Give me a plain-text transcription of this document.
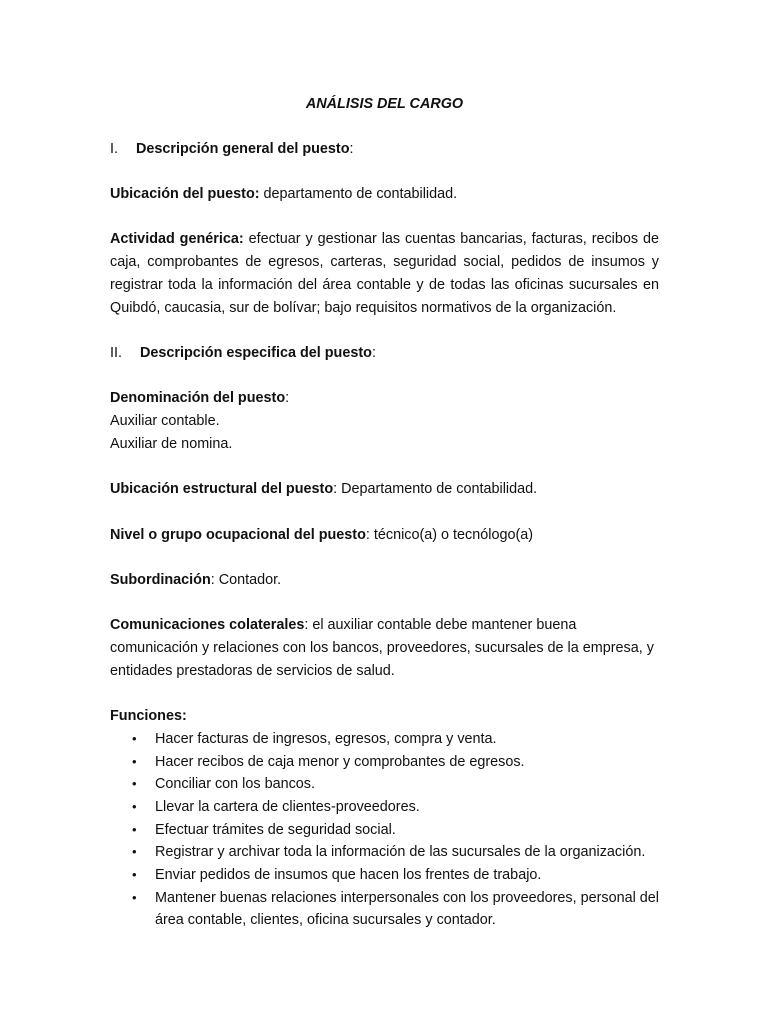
ANÁLISIS DEL CARGO

I. Descripción general del puesto:

Ubicación del puesto: departamento de contabilidad.

Actividad genérica: efectuar y gestionar las cuentas bancarias, facturas, recibos de caja, comprobantes de egresos, carteras, seguridad social, pedidos de insumos y registrar toda la información del área contable y de todas las oficinas sucursales en Quibdó, caucasia, sur de bolívar; bajo requisitos normativos de la organización.

II. Descripción especifica del puesto:

Denominación del puesto:
Auxiliar contable.
Auxiliar de nomina.

Ubicación estructural del puesto: Departamento de contabilidad.

Nivel o grupo ocupacional del puesto: técnico(a) o tecnólogo(a)

Subordinación: Contador.

Comunicaciones colaterales: el auxiliar contable debe mantener buena comunicación y relaciones con los bancos, proveedores, sucursales de la empresa, y entidades prestadoras de servicios de salud.

Funciones:
• Hacer facturas de ingresos, egresos, compra y venta.
• Hacer recibos de caja menor y comprobantes de egresos.
• Conciliar con los bancos.
• Llevar la cartera de clientes-proveedores.
• Efectuar trámites de seguridad social.
• Registrar y archivar toda la información de las sucursales de la organización.
• Enviar pedidos de insumos que hacen los frentes de trabajo.
• Mantener buenas relaciones interpersonales con los proveedores, personal del área contable, clientes, oficina sucursales y contador.
